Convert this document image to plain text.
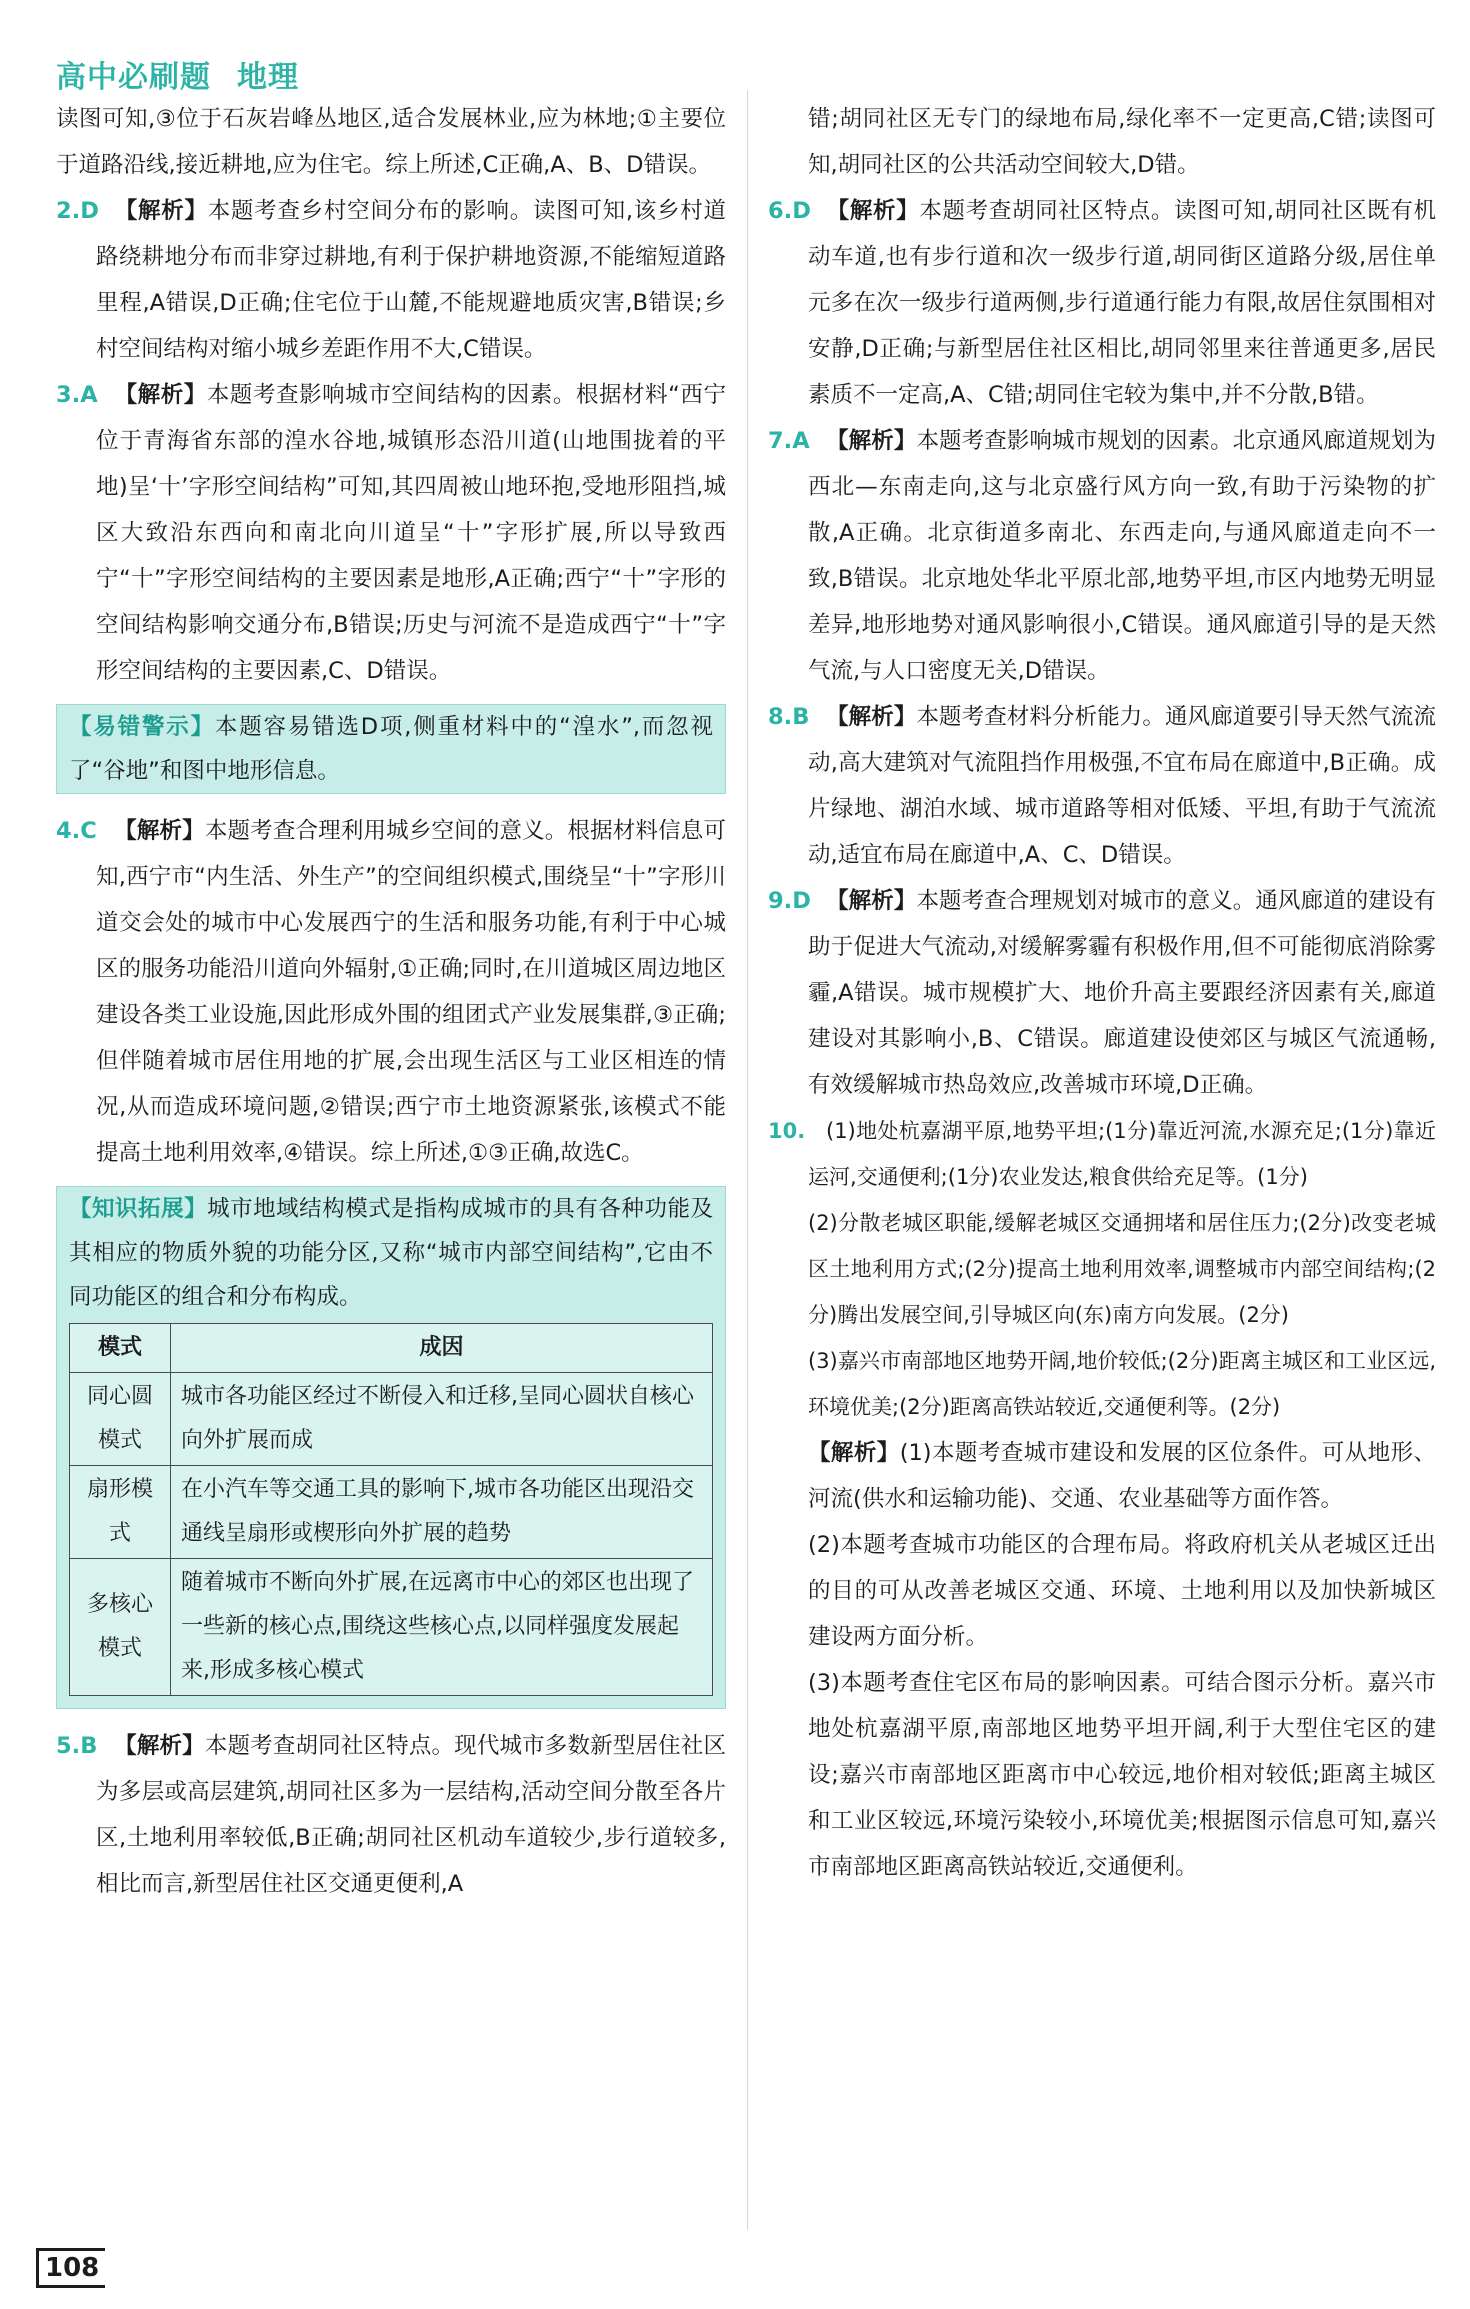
高中必刷题 地理

读图可知,③位于石灰岩峰丛地区,适合发展林业,应为林地;①主要位于道路沿线,接近耕地,应为住宅。综上所述,C正确,A、B、D错误。

2.D 【解析】本题考查乡村空间分布的影响。读图可知,该乡村道路绕耕地分布而非穿过耕地,有利于保护耕地资源,不能缩短道路里程,A错误,D正确;住宅位于山麓,不能规避地质灾害,B错误;乡村空间结构对缩小城乡差距作用不大,C错误。

3.A 【解析】本题考查影响城市空间结构的因素。根据材料“西宁位于青海省东部的湟水谷地,城镇形态沿川道(山地围拢着的平地)呈‘十’字形空间结构”可知,其四周被山地环抱,受地形阻挡,城区大致沿东西向和南北向川道呈“十”字形扩展,所以导致西宁“十”字形空间结构的主要因素是地形,A正确;西宁“十”字形的空间结构影响交通分布,B错误;历史与河流不是造成西宁“十”字形空间结构的主要因素,C、D错误。

【易错警示】本题容易错选D项,侧重材料中的“湟水”,而忽视了“谷地”和图中地形信息。

4.C 【解析】本题考查合理利用城乡空间的意义。根据材料信息可知,西宁市“内生活、外生产”的空间组织模式,围绕呈“十”字形川道交会处的城市中心发展西宁的生活和服务功能,有利于中心城区的服务功能沿川道向外辐射,①正确;同时,在川道城区周边地区建设各类工业设施,因此形成外围的组团式产业发展集群,③正确;但伴随着城市居住用地的扩展,会出现生活区与工业区相连的情况,从而造成环境问题,②错误;西宁市土地资源紧张,该模式不能提高土地利用效率,④错误。综上所述,①③正确,故选C。

【知识拓展】城市地域结构模式是指构成城市的具有各种功能及其相应的物质外貌的功能分区,又称“城市内部空间结构”,它由不同功能区的组合和分布构成。

模式	成因
同心圆模式	城市各功能区经过不断侵入和迁移,呈同心圆状自核心向外扩展而成
扇形模式	在小汽车等交通工具的影响下,城市各功能区出现沿交通线呈扇形或楔形向外扩展的趋势
多核心模式	随着城市不断向外扩展,在远离市中心的郊区也出现了一些新的核心点,围绕这些核心点,以同样强度发展起来,形成多核心模式

5.B 【解析】本题考查胡同社区特点。现代城市多数新型居住社区为多层或高层建筑,胡同社区多为一层结构,活动空间分散至各片区,土地利用率较低,B正确;胡同社区机动车道较少,步行道较多,相比而言,新型居住社区交通更便利,A

错;胡同社区无专门的绿地布局,绿化率不一定更高,C错;读图可知,胡同社区的公共活动空间较大,D错。

6.D 【解析】本题考查胡同社区特点。读图可知,胡同社区既有机动车道,也有步行道和次一级步行道,胡同街区道路分级,居住单元多在次一级步行道两侧,步行道通行能力有限,故居住氛围相对安静,D正确;与新型居住社区相比,胡同邻里来往普通更多,居民素质不一定高,A、C错;胡同住宅较为集中,并不分散,B错。

7.A 【解析】本题考查影响城市规划的因素。北京通风廊道规划为西北—东南走向,这与北京盛行风方向一致,有助于污染物的扩散,A正确。北京街道多南北、东西走向,与通风廊道走向不一致,B错误。北京地处华北平原北部,地势平坦,市区内地势无明显差异,地形地势对通风影响很小,C错误。通风廊道引导的是天然气流,与人口密度无关,D错误。

8.B 【解析】本题考查材料分析能力。通风廊道要引导天然气流流动,高大建筑对气流阻挡作用极强,不宜布局在廊道中,B正确。成片绿地、湖泊水域、城市道路等相对低矮、平坦,有助于气流流动,适宜布局在廊道中,A、C、D错误。

9.D 【解析】本题考查合理规划对城市的意义。通风廊道的建设有助于促进大气流动,对缓解雾霾有积极作用,但不可能彻底消除雾霾,A错误。城市规模扩大、地价升高主要跟经济因素有关,廊道建设对其影响小,B、C错误。廊道建设使郊区与城区气流通畅,有效缓解城市热岛效应,改善城市环境,D正确。

10. (1)地处杭嘉湖平原,地势平坦;(1分)靠近河流,水源充足;(1分)靠近运河,交通便利;(1分)农业发达,粮食供给充足等。(1分)

(2)分散老城区职能,缓解老城区交通拥堵和居住压力;(2分)改变老城区土地利用方式;(2分)提高土地利用效率,调整城市内部空间结构;(2分)腾出发展空间,引导城区向(东)南方向发展。(2分)

(3)嘉兴市南部地区地势开阔,地价较低;(2分)距离主城区和工业区远,环境优美;(2分)距离高铁站较近,交通便利等。(2分)

【解析】(1)本题考查城市建设和发展的区位条件。可从地形、河流(供水和运输功能)、交通、农业基础等方面作答。

(2)本题考查城市功能区的合理布局。将政府机关从老城区迁出的目的可从改善老城区交通、环境、土地利用以及加快新城区建设两方面分析。

(3)本题考查住宅区布局的影响因素。可结合图示分析。嘉兴市地处杭嘉湖平原,南部地区地势平坦开阔,利于大型住宅区的建设;嘉兴市南部地区距离市中心较远,地价相对较低;距离主城区和工业区较远,环境污染较小,环境优美;根据图示信息可知,嘉兴市南部地区距离高铁站较近,交通便利。

108
